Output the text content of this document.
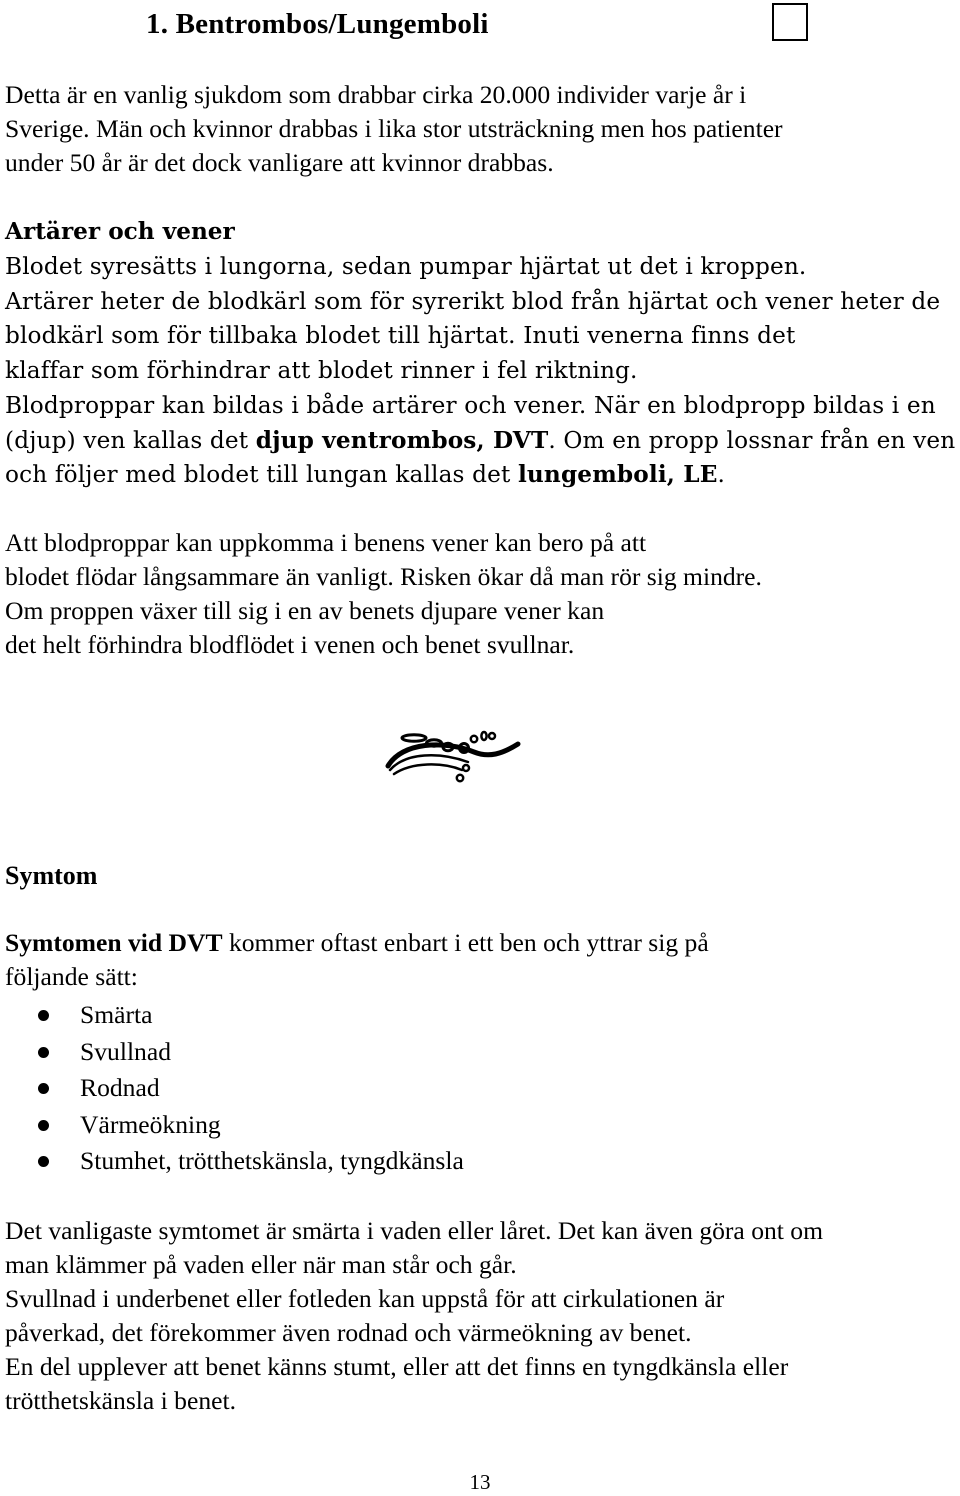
1. Bentrombos/Lungemboli

Detta är en vanlig sjukdom som drabbar cirka 20.000 individer varje år i
Sverige. Män och kvinnor drabbas i lika stor utsträckning men hos patienter
under 50 år är det dock vanligare att kvinnor drabbas.

Artärer och vener

Blodet syresätts i lungorna, sedan pumpar hjärtat ut det i kroppen.
Artärer heter de blodkärl som för syrerikt blod från hjärtat och vener heter de
blodkärl som för tillbaka blodet till hjärtat. Inuti venerna finns det
klaffar som förhindrar att blodet rinner i fel riktning.
Blodproppar kan bildas i både artärer och vener. När en blodpropp bildas i en
(djup) ven kallas det djup ventrombos, DVT. Om en propp lossnar från en ven
och följer med blodet till lungan kallas det lungemboli, LE.

Att blodproppar kan uppkomma i benens vener kan bero på att
blodet flödar långsammare än vanligt. Risken ökar då man rör sig mindre.
Om proppen växer till sig i en av benets djupare vener kan
det helt förhindra blodflödet i venen och benet svullnar.

Symtom

Symtomen vid DVT kommer oftast enbart i ett ben och yttrar sig på
följande sätt:

Smärta
Svullnad
Rodnad
Värmeökning
Stumhet, trötthetskänsla, tyngdkänsla

Det vanligaste symtomet är smärta i vaden eller låret. Det kan även göra ont om
man klämmer på vaden eller när man står och går.
Svullnad i underbenet eller fotleden kan uppstå för att cirkulationen är
påverkad, det förekommer även rodnad och värmeökning av benet.
En del upplever att benet känns stumt, eller att det finns en tyngdkänsla eller
trötthetskänsla i benet.

13
